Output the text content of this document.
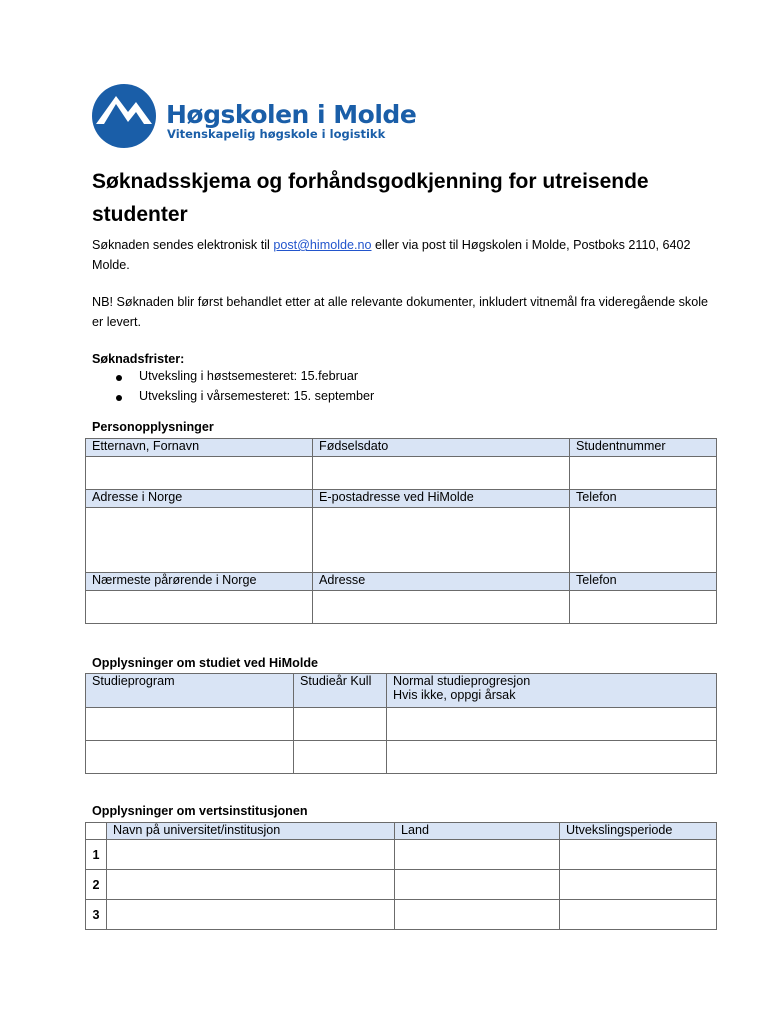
Høgskolen i Molde
Vitenskapelig høgskole i logistikk
Søknadsskjema og forhåndsgodkjenning for utreisende studenter
Søknaden sendes elektronisk til post@himolde.no eller via post til Høgskolen i Molde, Postboks 2110, 6402 Molde.
NB! Søknaden blir først behandlet etter at alle relevante dokumenter, inkludert vitnemål fra videregående skole er levert.
Søknadsfrister:
Utveksling i høstsemesteret: 15.februar
Utveksling i vårsemesteret: 15. september
Personopplysninger
Etternavn, Fornavn	Fødselsdato	Studentnummer

Adresse i Norge	E-postadresse ved HiMolde	Telefon

Nærmeste pårørende i Norge	Adresse	Telefon

Opplysninger om studiet ved HiMolde
Studieprogram	Studieår Kull	Normal studieprogresjon
Hvis ikke, oppgi årsak

Opplysninger om vertsinstitusjonen
	Navn på universitet/institusjon	Land	Utvekslingsperiode
1			
2			
3			
